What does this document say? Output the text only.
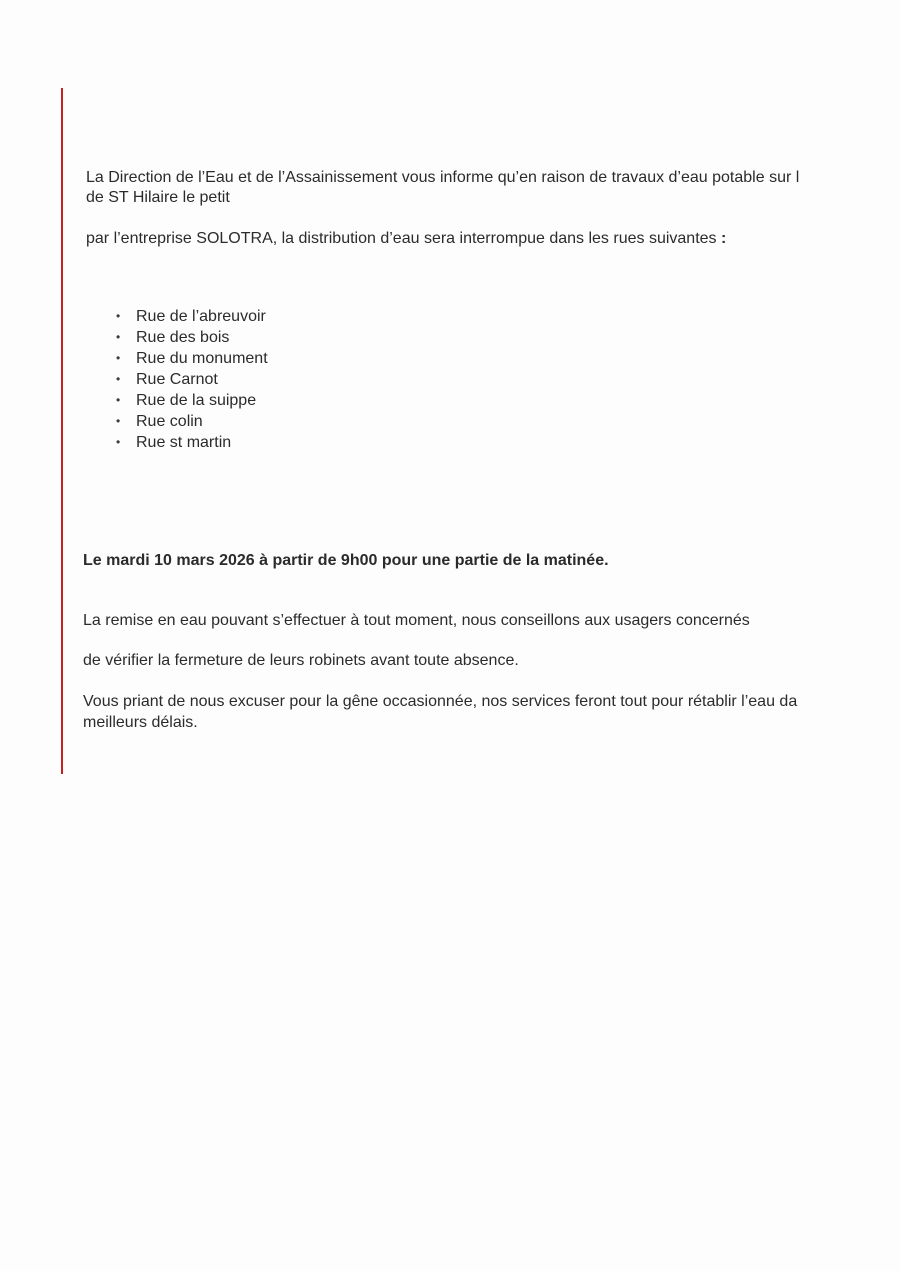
La Direction de l’Eau et de l’Assainissement vous informe qu’en raison de travaux d’eau potable sur l
de ST Hilaire le petit
par l’entreprise SOLOTRA, la distribution d’eau sera interrompue dans les rues suivantes :
• Rue de l’abreuvoir
• Rue des bois
• Rue du monument
• Rue Carnot
• Rue de la suippe
• Rue colin
• Rue st martin
Le mardi 10 mars 2026 à partir de 9h00 pour une partie de la matinée.
La remise en eau pouvant s’effectuer à tout moment, nous conseillons aux usagers concernés
de vérifier la fermeture de leurs robinets avant toute absence.
Vous priant de nous excuser pour la gêne occasionnée, nos services feront tout pour rétablir l’eau da
meilleurs délais.
